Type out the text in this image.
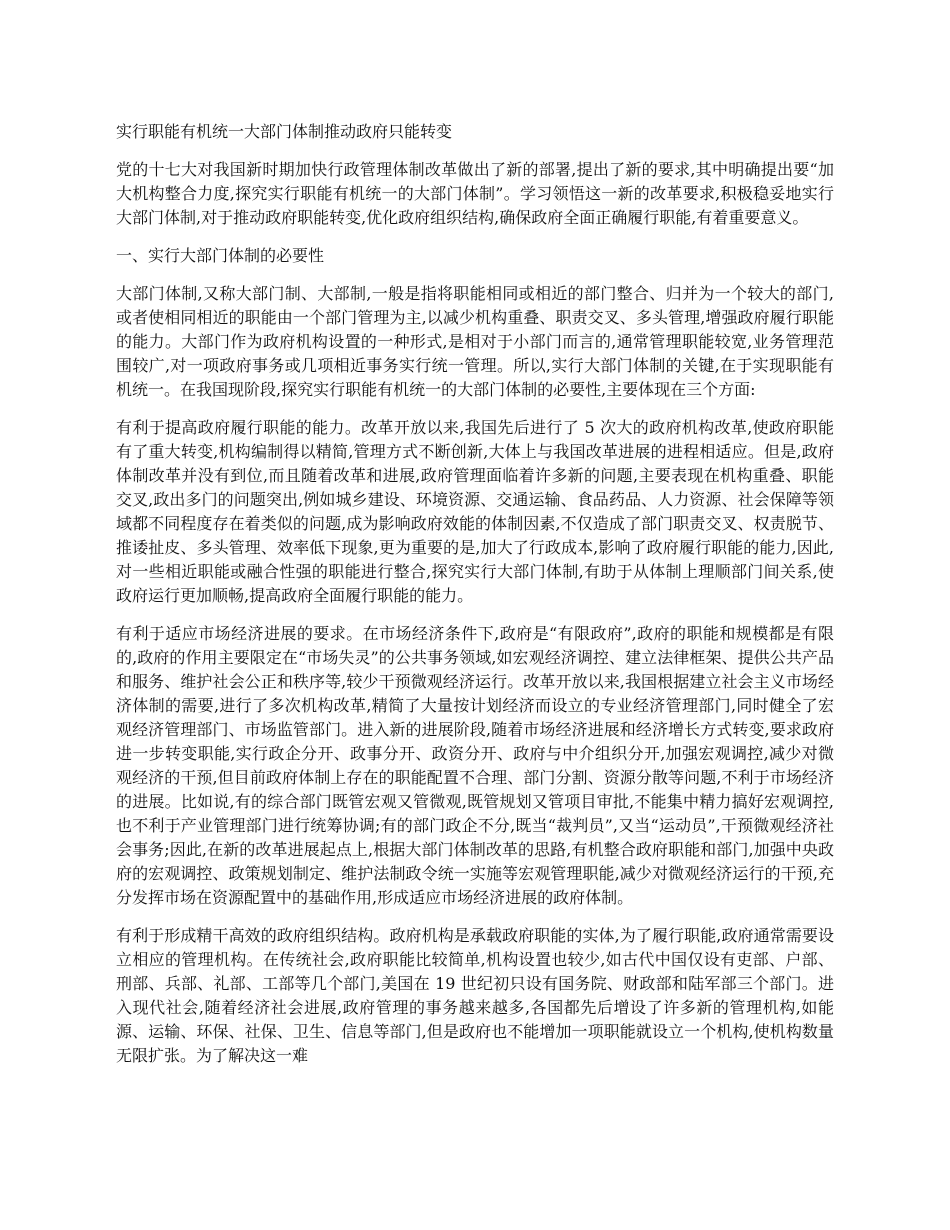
实行职能有机统一大部门体制推动政府只能转变

党的十七大对我国新时期加快行政管理体制改革做出了新的部署,提出了新的要求,其中明确提出要“加大机构整合力度,探究实行职能有机统一的大部门体制”。学习领悟这一新的改革要求,积极稳妥地实行大部门体制,对于推动政府职能转变,优化政府组织结构,确保政府全面正确履行职能,有着重要意义。

一、实行大部门体制的必要性

大部门体制,又称大部门制、大部制,一般是指将职能相同或相近的部门整合、归并为一个较大的部门,或者使相同相近的职能由一个部门管理为主,以减少机构重叠、职责交叉、多头管理,增强政府履行职能的能力。大部门作为政府机构设置的一种形式,是相对于小部门而言的,通常管理职能较宽,业务管理范围较广,对一项政府事务或几项相近事务实行统一管理。所以,实行大部门体制的关键,在于实现职能有机统一。在我国现阶段,探究实行职能有机统一的大部门体制的必要性,主要体现在三个方面:

有利于提高政府履行职能的能力。改革开放以来,我国先后进行了 5 次大的政府机构改革,使政府职能有了重大转变,机构编制得以精简,管理方式不断创新,大体上与我国改革进展的进程相适应。但是,政府体制改革并没有到位,而且随着改革和进展,政府管理面临着许多新的问题,主要表现在机构重叠、职能交叉,政出多门的问题突出,例如城乡建设、环境资源、交通运输、食品药品、人力资源、社会保障等领域都不同程度存在着类似的问题,成为影响政府效能的体制因素,不仅造成了部门职责交叉、权责脱节、推诿扯皮、多头管理、效率低下现象,更为重要的是,加大了行政成本,影响了政府履行职能的能力,因此,对一些相近职能或融合性强的职能进行整合,探究实行大部门体制,有助于从体制上理顺部门间关系,使政府运行更加顺畅,提高政府全面履行职能的能力。

有利于适应市场经济进展的要求。在市场经济条件下,政府是“有限政府”,政府的职能和规模都是有限的,政府的作用主要限定在“市场失灵”的公共事务领域,如宏观经济调控、建立法律框架、提供公共产品和服务、维护社会公正和秩序等,较少干预微观经济运行。改革开放以来,我国根据建立社会主义市场经济体制的需要,进行了多次机构改革,精简了大量按计划经济而设立的专业经济管理部门,同时健全了宏观经济管理部门、市场监管部门。进入新的进展阶段,随着市场经济进展和经济增长方式转变,要求政府进一步转变职能,实行政企分开、政事分开、政资分开、政府与中介组织分开,加强宏观调控,减少对微观经济的干预,但目前政府体制上存在的职能配置不合理、部门分割、资源分散等问题,不利于市场经济的进展。比如说,有的综合部门既管宏观又管微观,既管规划又管项目审批,不能集中精力搞好宏观调控,也不利于产业管理部门进行统筹协调;有的部门政企不分,既当“裁判员”,又当“运动员”,干预微观经济社会事务;因此,在新的改革进展起点上,根据大部门体制改革的思路,有机整合政府职能和部门,加强中央政府的宏观调控、政策规划制定、维护法制政令统一实施等宏观管理职能,减少对微观经济运行的干预,充分发挥市场在资源配置中的基础作用,形成适应市场经济进展的政府体制。

有利于形成精干高效的政府组织结构。政府机构是承载政府职能的实体,为了履行职能,政府通常需要设立相应的管理机构。在传统社会,政府职能比较简单,机构设置也较少,如古代中国仅设有吏部、户部、刑部、兵部、礼部、工部等几个部门,美国在 19 世纪初只设有国务院、财政部和陆军部三个部门。进入现代社会,随着经济社会进展,政府管理的事务越来越多,各国都先后增设了许多新的管理机构,如能源、运输、环保、社保、卫生、信息等部门,但是政府也不能增加一项职能就设立一个机构,使机构数量无限扩张。为了解决这一难
